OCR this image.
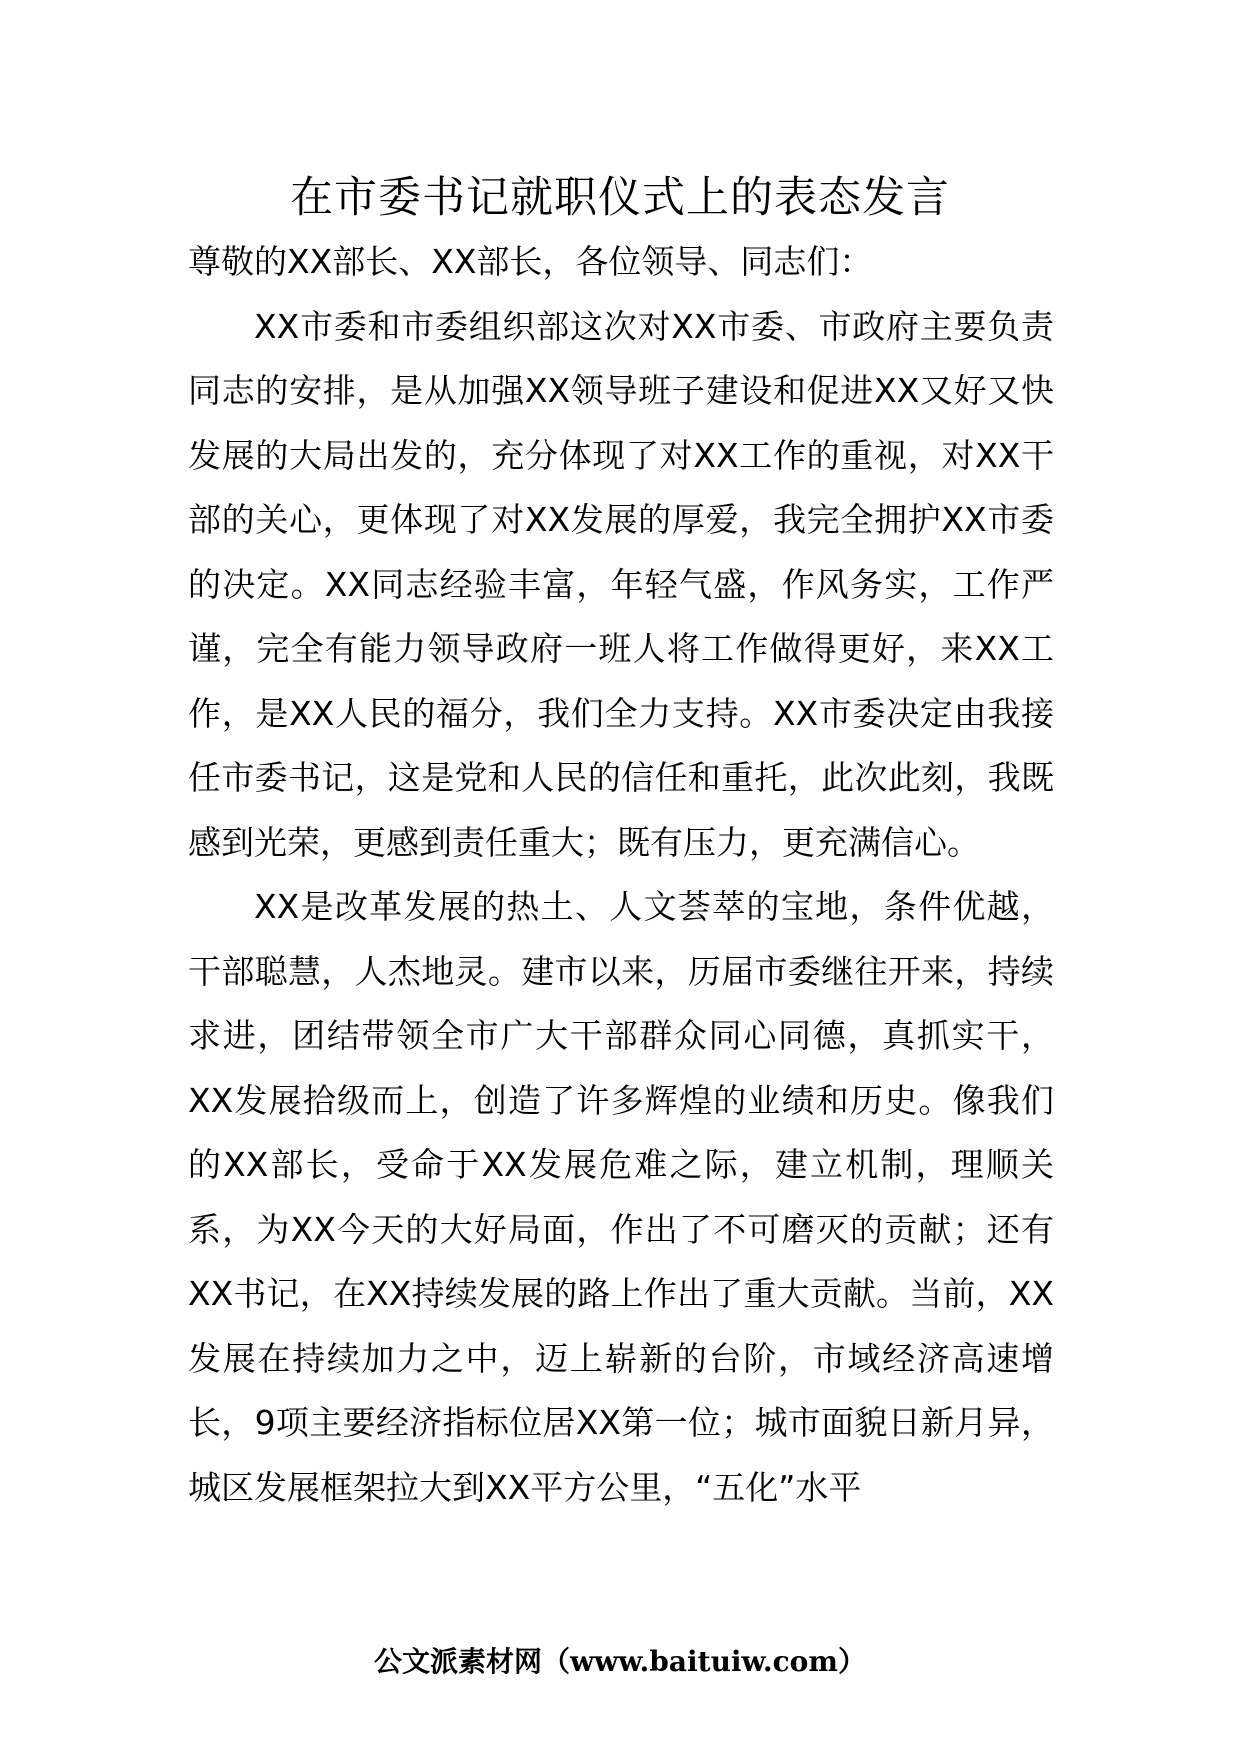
在市委书记就职仪式上的表态发言

尊敬的XX部长、XX部长，各位领导、同志们：

XX市委和市委组织部这次对XX市委、市政府主要负责同志的安排，是从加强XX领导班子建设和促进XX又好又快发展的大局出发的，充分体现了对XX工作的重视，对XX干部的关心，更体现了对XX发展的厚爱，我完全拥护XX市委的决定。XX同志经验丰富，年轻气盛，作风务实，工作严谨，完全有能力领导政府一班人将工作做得更好，来XX工作，是XX人民的福分，我们全力支持。XX市委决定由我接任市委书记，这是党和人民的信任和重托，此次此刻，我既感到光荣，更感到责任重大；既有压力，更充满信心。

XX是改革发展的热土、人文荟萃的宝地，条件优越，干部聪慧，人杰地灵。建市以来，历届市委继往开来，持续求进，团结带领全市广大干部群众同心同德，真抓实干，XX发展拾级而上，创造了许多辉煌的业绩和历史。像我们的XX部长，受命于XX发展危难之际，建立机制，理顺关系，为XX今天的大好局面，作出了不可磨灭的贡献；还有XX书记，在XX持续发展的路上作出了重大贡献。当前，XX发展在持续加力之中，迈上崭新的台阶，市域经济高速增长，9项主要经济指标位居XX第一位；城市面貌日新月异，城区发展框架拉大到XX平方公里，“五化”水平

公文派素材网（www.baituiw.com）
